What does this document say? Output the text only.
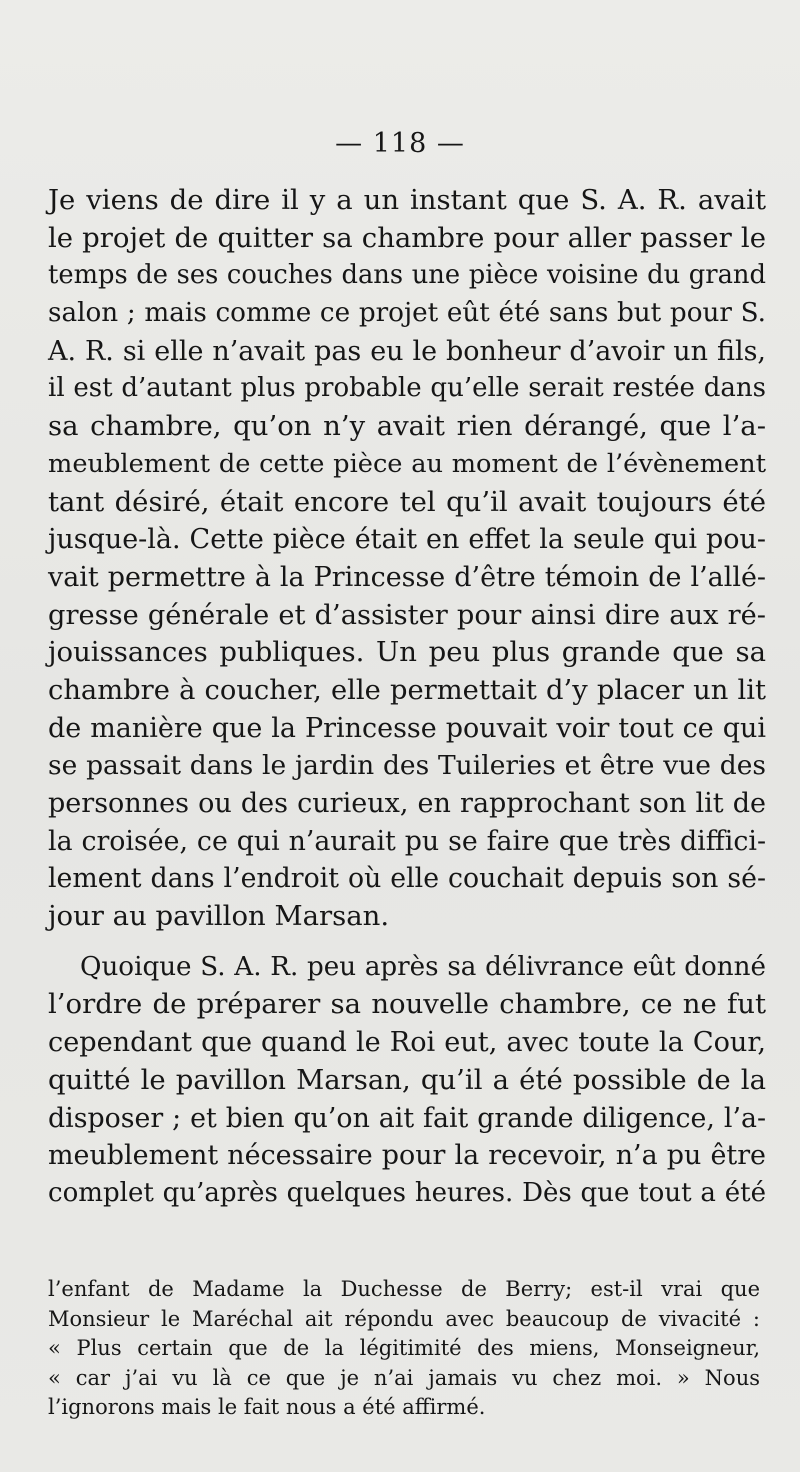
— 118 —
Je viens de dire il y a un instant que S. A. R. avait
le projet de quitter sa chambre pour aller passer le
temps de ses couches dans une pièce voisine du grand
salon ; mais comme ce projet eût été sans but pour S.
A. R. si elle n’avait pas eu le bonheur d’avoir un fils,
il est d’autant plus probable qu’elle serait restée dans
sa chambre, qu’on n’y avait rien dérangé, que l’a-
meublement de cette pièce au moment de l’évènement
tant désiré, était encore tel qu’il avait toujours été
jusque-là. Cette pièce était en effet la seule qui pou-
vait permettre à la Princesse d’être témoin de l’allé-
gresse générale et d’assister pour ainsi dire aux ré-
jouissances publiques. Un peu plus grande que sa
chambre à coucher, elle permettait d’y placer un lit
de manière que la Princesse pouvait voir tout ce qui
se passait dans le jardin des Tuileries et être vue des
personnes ou des curieux, en rapprochant son lit de
la croisée, ce qui n’aurait pu se faire que très diffici-
lement dans l’endroit où elle couchait depuis son sé-
jour au pavillon Marsan.
Quoique S. A. R. peu après sa délivrance eût donné
l’ordre de préparer sa nouvelle chambre, ce ne fut
cependant que quand le Roi eut, avec toute la Cour,
quitté le pavillon Marsan, qu’il a été possible de la
disposer ; et bien qu’on ait fait grande diligence, l’a-
meublement nécessaire pour la recevoir, n’a pu être
complet qu’après quelques heures. Dès que tout a été
l’enfant de Madame la Duchesse de Berry; est-il vrai que
Monsieur le Maréchal ait répondu avec beaucoup de vivacité :
« Plus certain que de la légitimité des miens, Monseigneur,
« car j’ai vu là ce que je n’ai jamais vu chez moi. » Nous
l’ignorons mais le fait nous a été affirmé.
